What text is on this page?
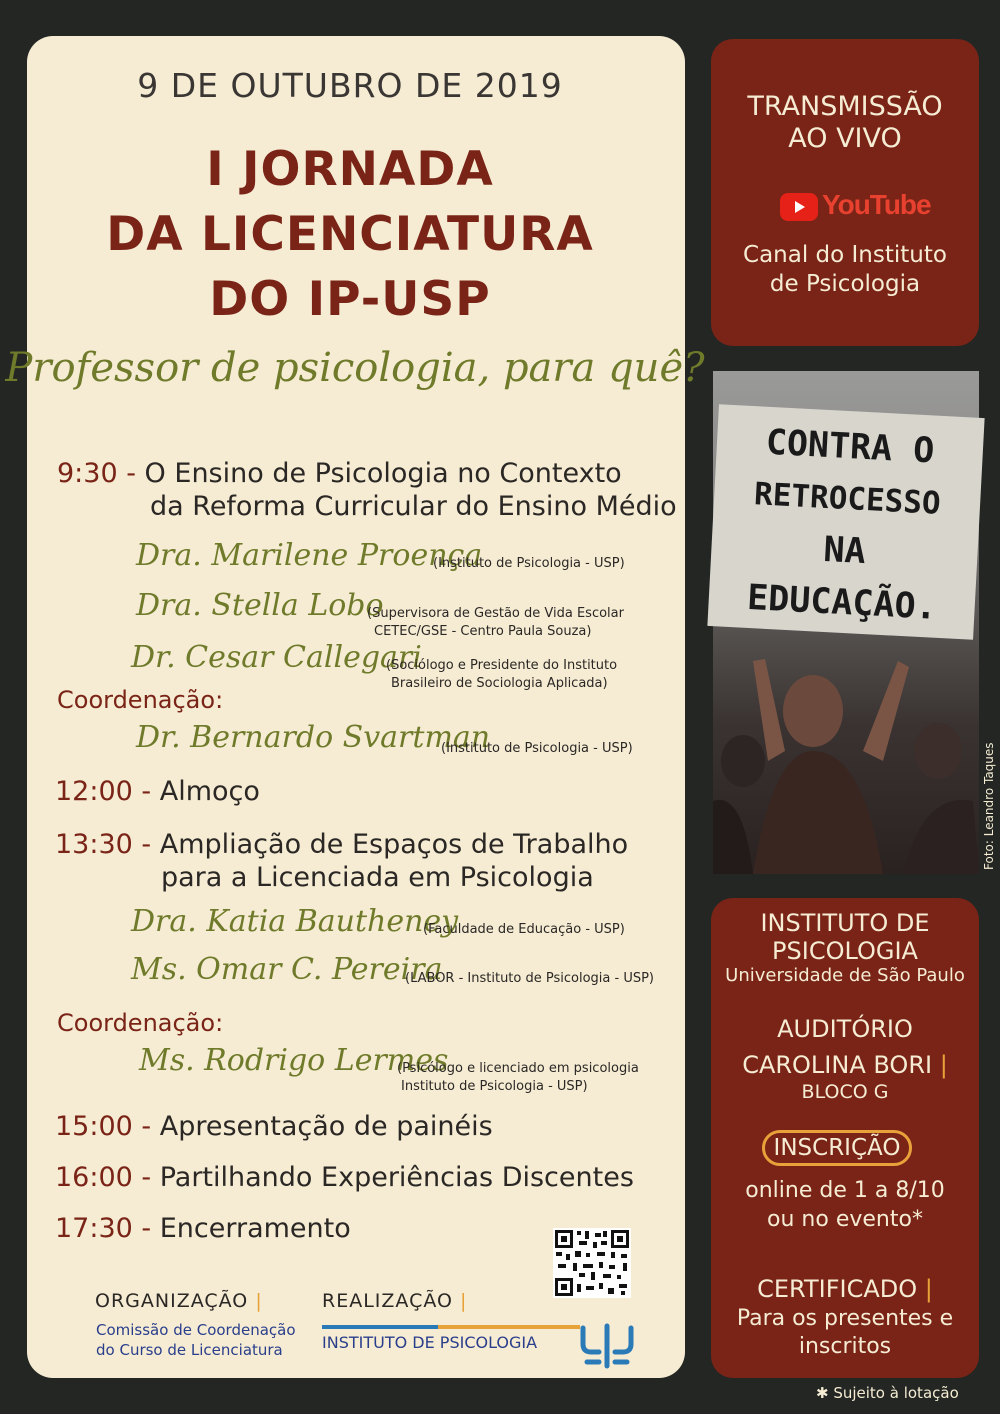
9 DE OUTUBRO DE 2019
I JORNADA
DA LICENCIATURA
DO IP-USP
Professor de psicologia, para quê?
9:30 - O Ensino de Psicologia no Contexto
da Reforma Curricular do Ensino Médio
Dra. Marilene Proença
(Instituto de Psicologia - USP)
Dra. Stella Lobo
(Supervisora de Gestão de Vida Escolar
CETEC/GSE - Centro Paula Souza)
Dr. Cesar Callegari
(Sociólogo e Presidente do Instituto
Brasileiro de Sociologia Aplicada)
Coordenação:
Dr. Bernardo Svartman
(Instituto de Psicologia - USP)
12:00 - Almoço
13:30 - Ampliação de Espaços de Trabalho
para a Licenciada em Psicologia
Dra. Katia Bautheney
(Faculdade de Educação - USP)
Ms. Omar C. Pereira
(LABOR - Instituto de Psicologia - USP)
Coordenação:
Ms. Rodrigo Lermes
(Psicólogo e licenciado em psicologia
Instituto de Psicologia - USP)
15:00 - Apresentação de painéis
16:00 - Partilhando Experiências Discentes
17:30 - Encerramento
ORGANIZAÇÃO |
Comissão de Coordenação
do Curso de Licenciatura
REALIZAÇÃO |
INSTITUTO DE PSICOLOGIA
TRANSMISSÃO
AO VIVO
YouTube
Canal do Instituto
de Psicologia
CONTRA O
RETROCESSO
NA
EDUCAÇÃO.
Foto: Leandro Taques
INSTITUTO DE
PSICOLOGIA
Universidade de São Paulo
AUDITÓRIO
CAROLINA BORI |
BLOCO G
INSCRIÇÃO
online de 1 a 8/10
ou no evento*
CERTIFICADO |
Para os presentes e
inscritos
✱ Sujeito à lotação
